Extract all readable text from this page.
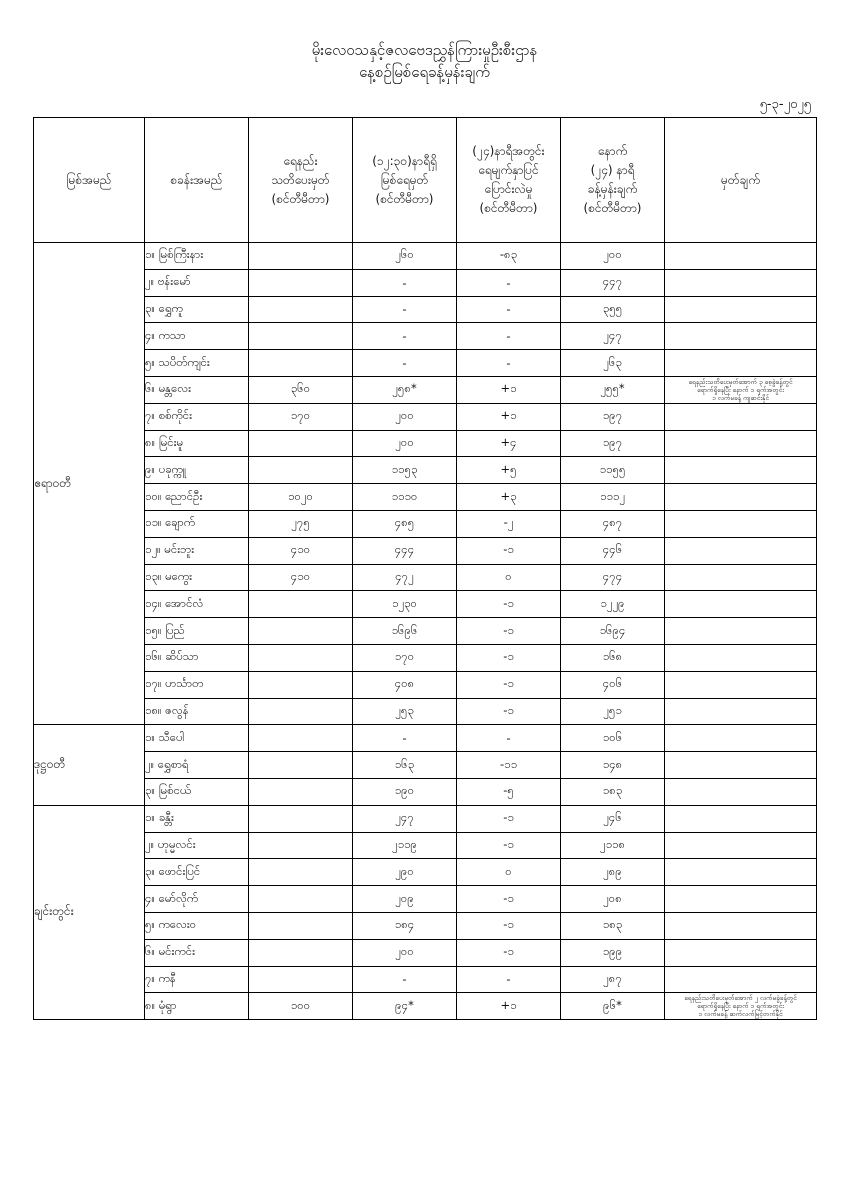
မိုးလေဝသနှင့်ဇလဗေဒညွှန်ကြားမှုဦးစီးဌာန
နေ့စဉ်မြစ်ရေခန့်မှန်းချက်
၅-၃-၂၀၂၅
မြစ်အမည်	စခန်းအမည်	ရေနည်း
သတိပေးမှတ်
(စင်တီမီတာ)	(၁၂:၃၀)နာရီရှိ
မြစ်ရေမှတ်
(စင်တီမီတာ)	(၂၄)နာရီအတွင်း
ရေမျက်နှာပြင်
ပြောင်းလဲမှု
(စင်တီမီတာ)	နောက်
(၂၄) နာရီ
ခန့်မှန်းချက်
(စင်တီမီတာ)	မှတ်ချက်

ဧရာဝတီ	၁။ မြစ်ကြီးနား		၂၆၀	-၈၃	၂၀၀	
	၂။ ဗန်းမော်		-	-	၄၄၇	
	၃။ ရွှေကူ		-	-	၃၅၅	
	၄။ ကသာ		-	-	၂၄၇	
	၅။ သပိတ်ကျင်း		-	-	၂၆၃	
	၆။ မန္တလေး	၃၆၀	၂၅၈*	+၁	၂၅၅*	ရေနည်းသတိပေးမှတ်အောက် ၃ စေ့ခွဲခန့်တွင်
ရောက်ရှိနေပြီး နောက် ၁ ရက်အတွင်း
၁ လက်မခန့် ကျဆင်းနိုင်

	၇။ စစ်ကိုင်း	၁၇၀	၂၀၀	+၁	၁၉၇	
	၈။ မြင်းမူ		၂၀၀	+၄	၁၉၇	
	၉။ ပခုက္ကူ		၁၁၅၃	+၅	၁၁၅၅	
	၁၀။ ညောင်ဦး	၁၀၂၀	၁၁၁၀	+၃	၁၁၁၂	
	၁၁။ ချောက်	၂၇၅	၄၈၅	-၂	၄၈၇	
	၁၂။ မင်းဘူး	၄၁၀	၄၄၄	-၁	၄၄၆	
	၁၃။ မကွေး	၄၁၀	၄၇၂	၀	၄၇၄	
	၁၄။ အောင်လံ		၁၂၃၀	-၁	၁၂၂၉	
	၁၅။ ပြည်		၁၆၉၆	-၁	၁၆၉၄	
	၁၆။ ဆိပ်သာ		၁၇၀	-၁	၁၆၈	
	၁၇။ ဟင်္သာတ		၄၀၈	-၁	၄၀၆	
	၁၈။ ဇလွန်		၂၅၃	-၁	၂၅၁	
ဒုဋ္ဌဝတီ	၁။ သီပေါ		-	-	၁၀၆	
	၂။ ရွှေစာရံ		၁၆၃	-၁၁	၁၄၈	
	၃။ မြစ်ငယ်		၁၉၀	-၅	၁၈၃	
ချင်းတွင်း	၁။ ခန္တီး		၂၄၇	-၁	၂၄၆	
	၂။ ဟုမ္မလင်း		၂၁၁၉	-၁	၂၁၁၈	
	၃။ ဖောင်းပြင်		၂၉၀	၀	၂၈၉	
	၄။ မော်လိုက်		၂၀၉	-၁	၂၀၈	
	၅။ ကလေးဝ		၁၈၄	-၁	၁၈၃	
	၆။ မင်းကင်း		၂၀၀	-၁	၁၉၉	
	၇။ ကနီ		-	-	၂၈၇	
	၈။ မုံရွာ	၁၀၀	၉၄*	+၁	၉၆*	ရေနည်းသတိပေးမှတ်အောက် ၂ လက်မခွဲခန့်တွင်
ရောက်ရှိနေပြီး နောက် ၁ ရက်အတွင်း
၁ လက်မခန့် ဆက်လက်မြင့်တက်နိုင်
